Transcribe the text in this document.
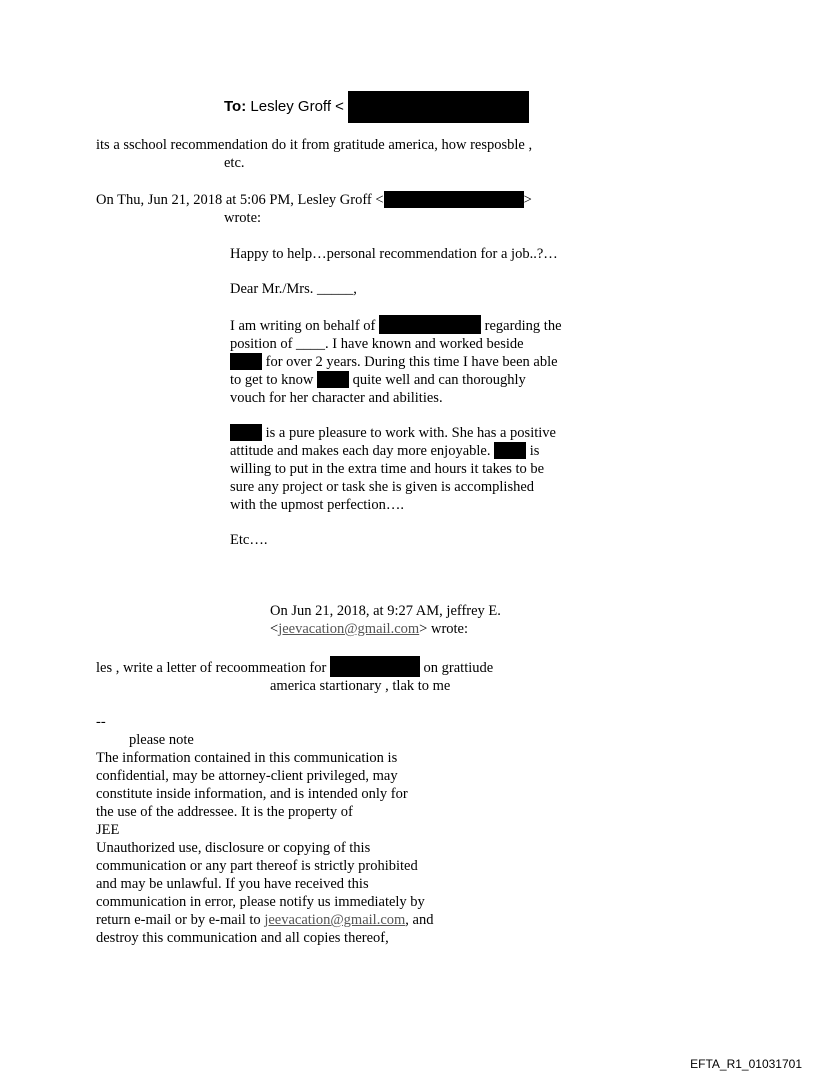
To: Lesley Groff <

its a sschool recommendation do it from gratitude america, how resposble ,

etc.

On Thu, Jun 21, 2018 at 5:06 PM, Lesley Groff <	>

wrote:

Happy to help…personal recommendation for a job..?…

Dear Mr./Mrs. _____,

I am writing on behalf of	regarding the

position of ____. I have known and worked beside

for over 2 years. During this time I have been able

to get to know	quite well and can thoroughly

vouch for her character and abilities.

is a pure pleasure to work with. She has a positive

attitude and makes each day more enjoyable.	is

willing to put in the extra time and hours it takes to be

sure any project or task she is given is accomplished

with the upmost perfection….

Etc….

On Jun 21, 2018, at 9:27 AM, jeffrey E.

<jeevacation@gmail.com> wrote:

les , write a letter of recoommeation for	on grattiude

america startionary , tlak to me

--

please note

The information contained in this communication is

confidential, may be attorney-client privileged, may

constitute inside information, and is intended only for

the use of the addressee. It is the property of

JEE

Unauthorized use, disclosure or copying of this

communication or any part thereof is strictly prohibited

and may be unlawful. If you have received this

communication in error, please notify us immediately by

return e-mail or by e-mail to jeevacation@gmail.com, and

destroy this communication and all copies thereof,

EFTA_R1_01031701
